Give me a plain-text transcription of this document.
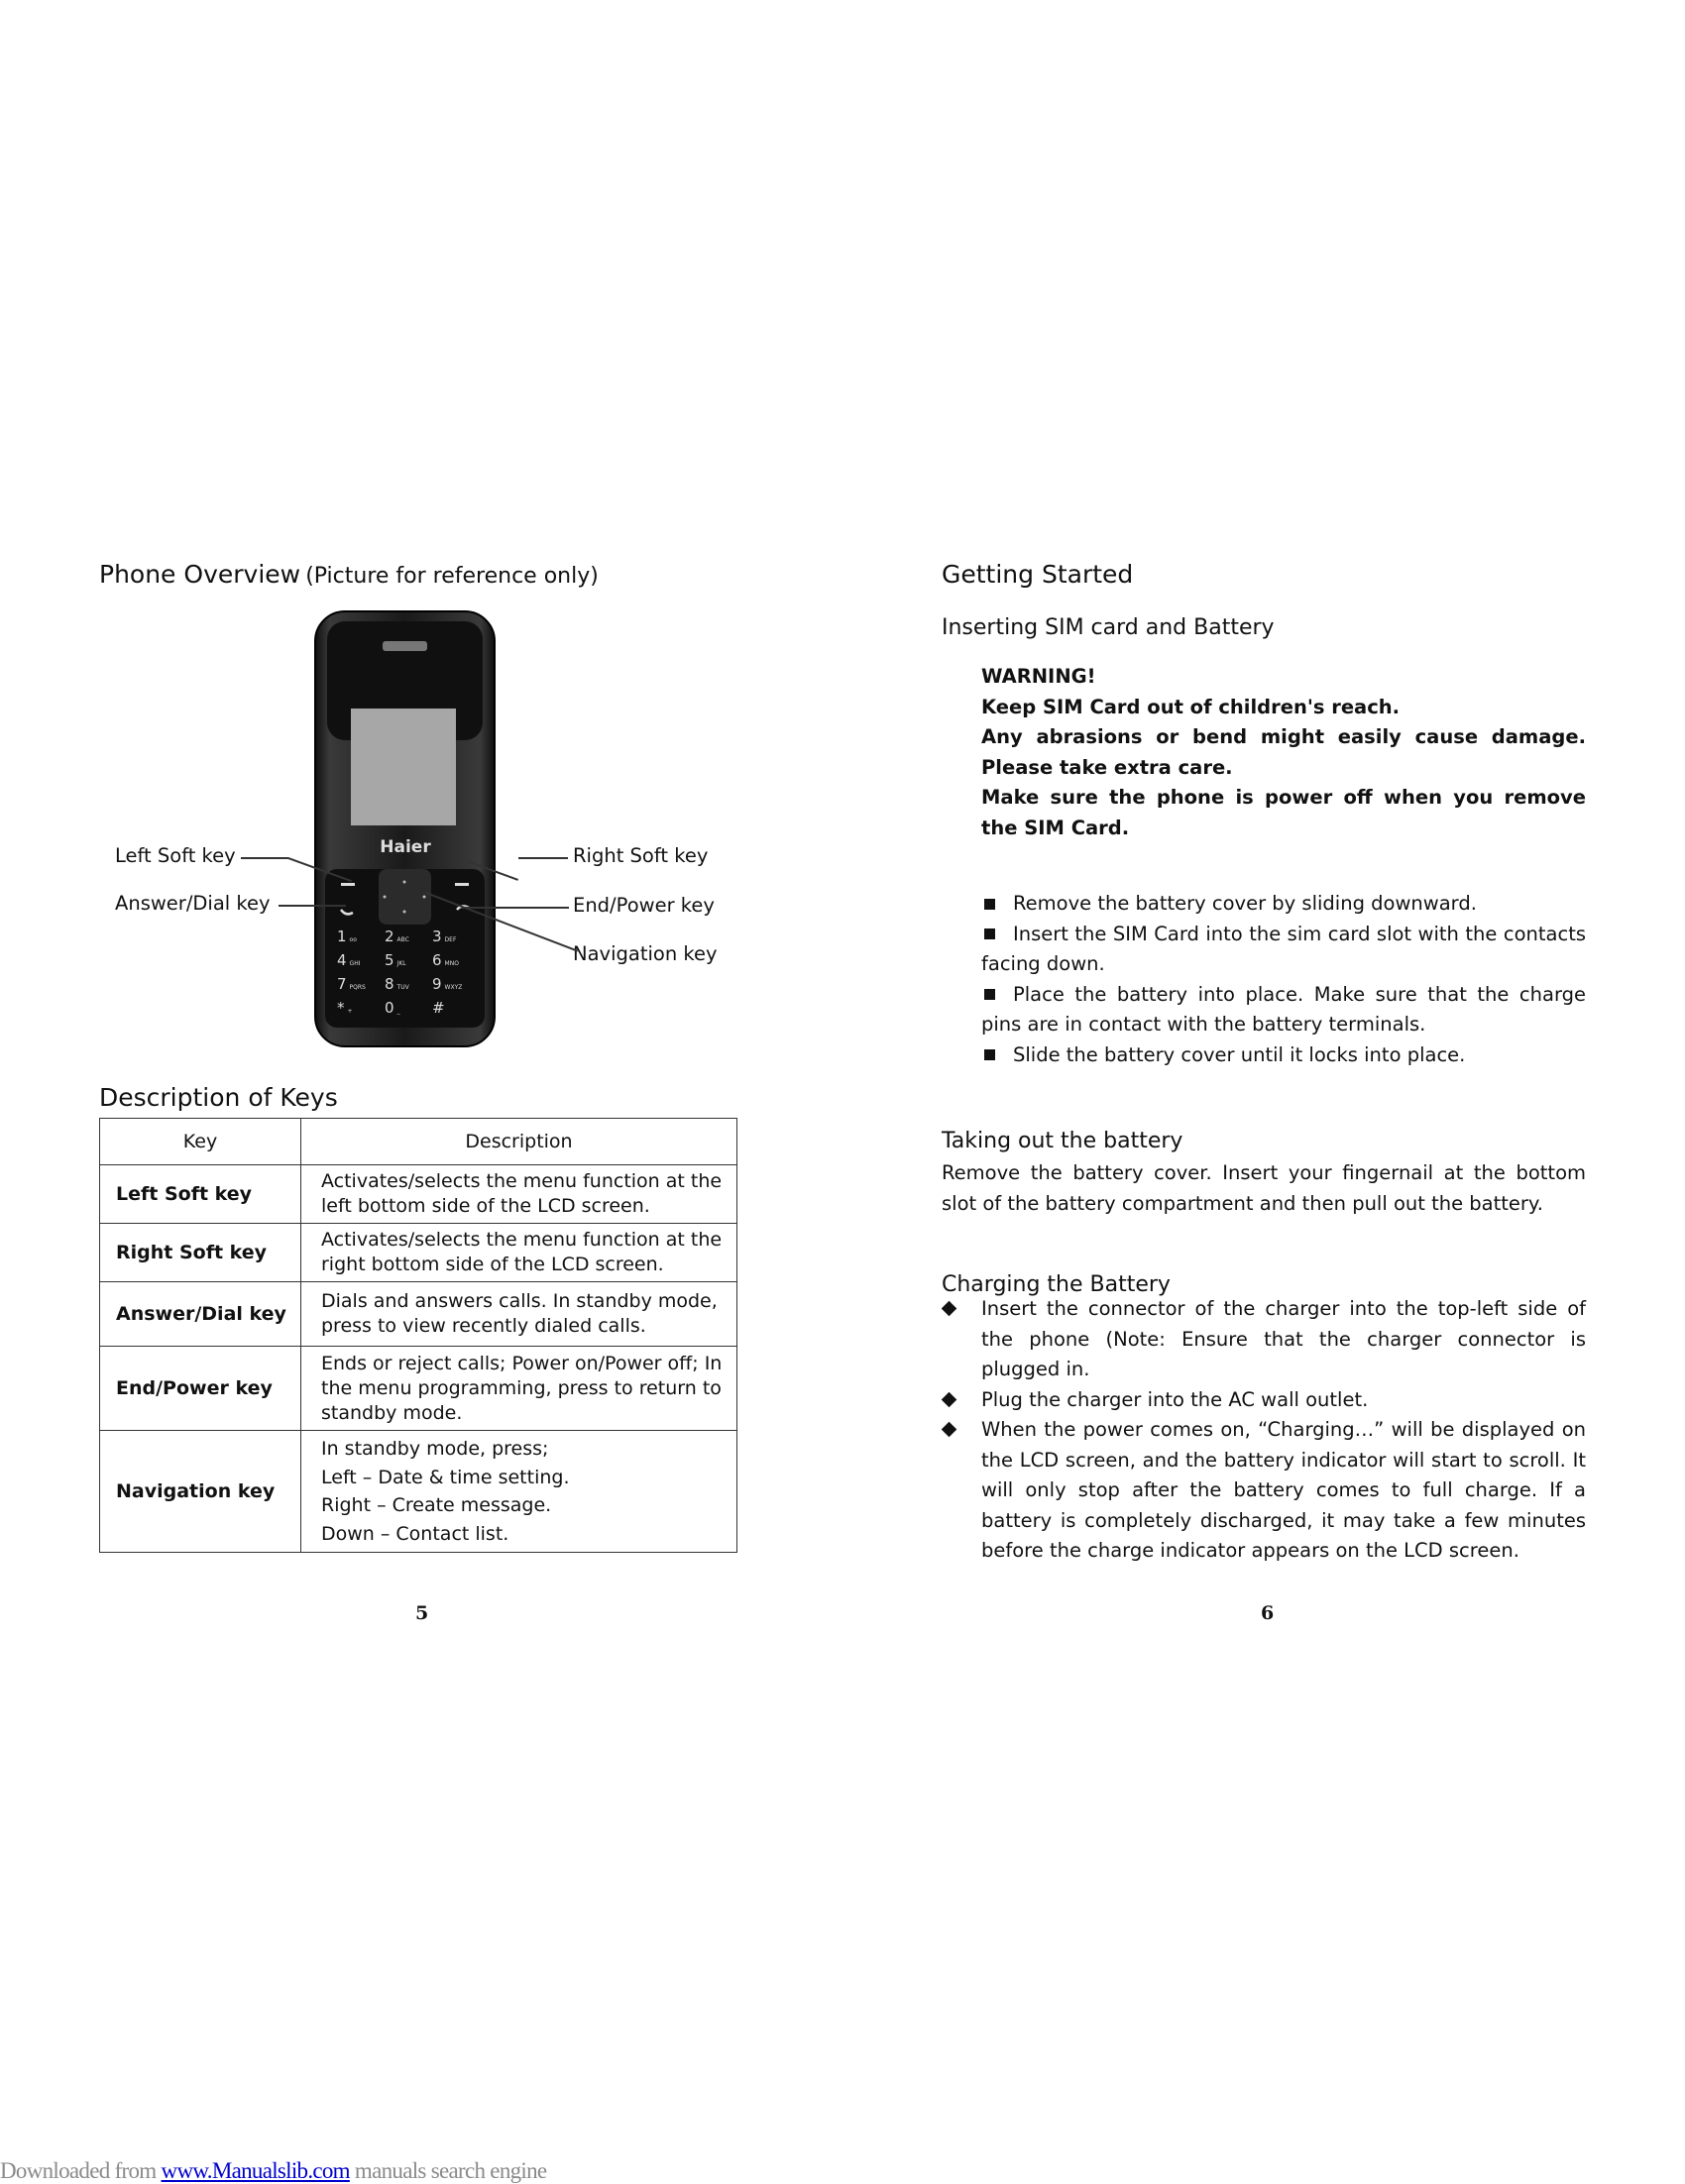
Phone Overview (Picture for reference only)
Haier
1 oo	2 ABC	3 DEF
4 GHI	5 JKL	6 MNO
7 PQRS	8 TUV	9 WXYZ
* +	0 _	#
Left Soft key
Answer/Dial key
Right Soft key
End/Power key
Navigation key
Description of Keys
Key	Description
Left Soft key	Activates/selects the menu function at the left bottom side of the LCD screen.
Right Soft key	Activates/selects the menu function at the right bottom side of the LCD screen.
Answer/Dial key	Dials and answers calls. In standby mode, press to view recently dialed calls.
End/Power key	Ends or reject calls; Power on/Power off; In the menu programming, press to return to standby mode.
Navigation key	In standby mode, press;
Left – Date & time setting.
Right – Create message.
Down – Contact list.
5
Getting Started
Inserting SIM card and Battery
WARNING!
Keep SIM Card out of children's reach.
Any abrasions or bend might easily cause damage. Please take extra care.
Make sure the phone is power off when you remove the SIM Card.
Remove the battery cover by sliding downward.
Insert the SIM Card into the sim card slot with the contacts facing down.
Place the battery into place. Make sure that the charge pins are in contact with the battery terminals.
Slide the battery cover until it locks into place.
Taking out the battery
Remove the battery cover. Insert your fingernail at the bottom slot of the battery compartment and then pull out the battery.
Charging the Battery
Insert the connector of the charger into the top-left side of the phone (Note: Ensure that the charger connector is plugged in.
Plug the charger into the AC wall outlet.
When the power comes on, “Charging…” will be displayed on the LCD screen, and the battery indicator will start to scroll. It will only stop after the battery comes to full charge. If a battery is completely discharged, it may take a few minutes before the charge indicator appears on the LCD screen.
6
Downloaded from www.Manualslib.com manuals search engine
